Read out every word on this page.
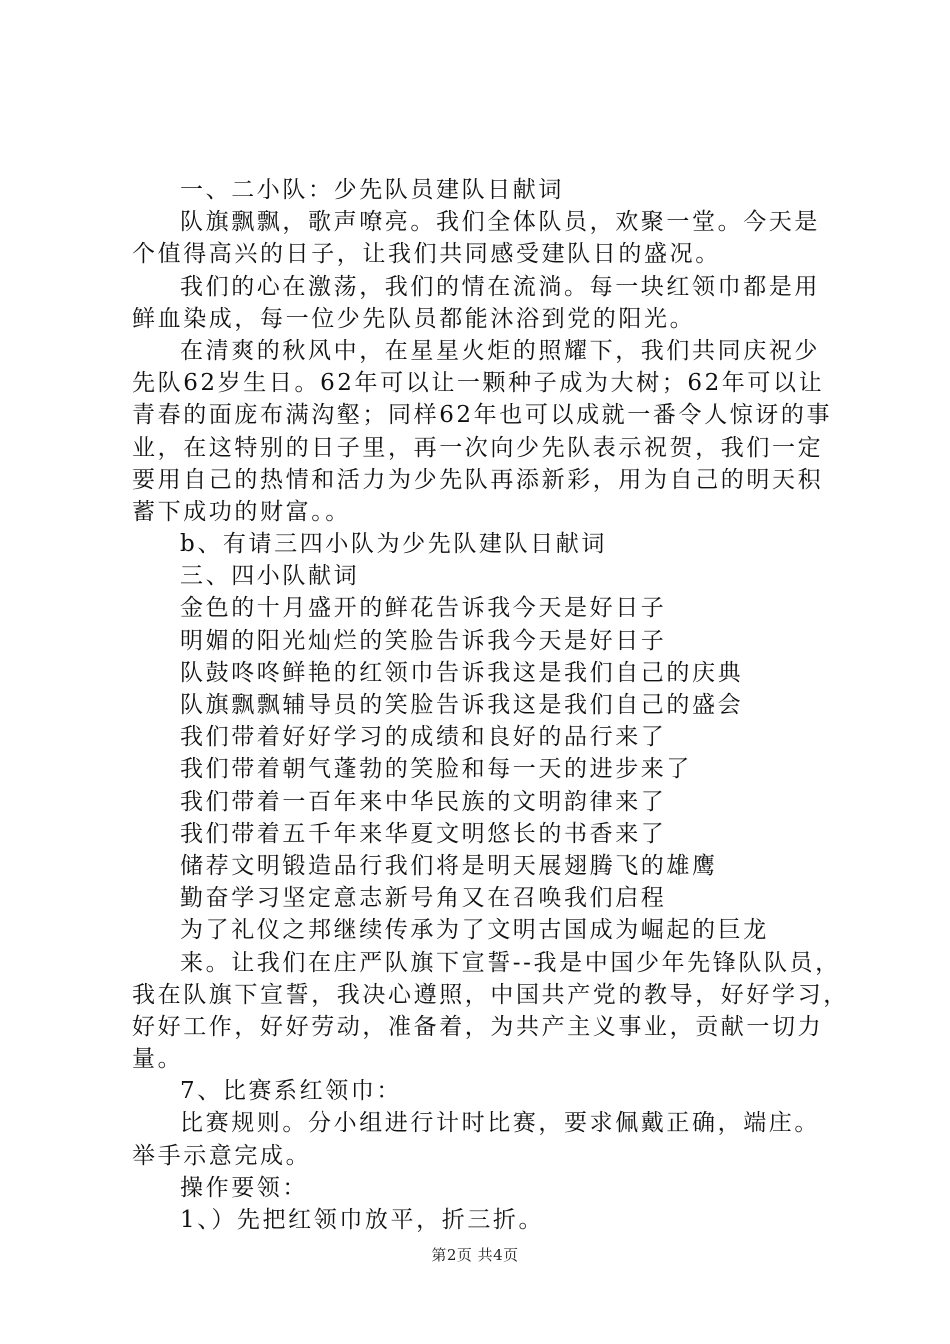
一、二小队：少先队员建队日献词

队旗飘飘，歌声嘹亮。我们全体队员，欢聚一堂。今天是

个值得高兴的日子，让我们共同感受建队日的盛况。

我们的心在激荡，我们的情在流淌。每一块红领巾都是用

鲜血染成，每一位少先队员都能沐浴到党的阳光。

在清爽的秋风中，在星星火炬的照耀下，我们共同庆祝少

先队62岁生日。62年可以让一颗种子成为大树；62年可以让

青春的面庞布满沟壑；同样62年也可以成就一番令人惊讶的事

业，在这特别的日子里，再一次向少先队表示祝贺，我们一定

要用自己的热情和活力为少先队再添新彩，用为自己的明天积

蓄下成功的财富。。

b、有请三四小队为少先队建队日献词

三、四小队献词

金色的十月盛开的鲜花告诉我今天是好日子

明媚的阳光灿烂的笑脸告诉我今天是好日子

队鼓咚咚鲜艳的红领巾告诉我这是我们自己的庆典

队旗飘飘辅导员的笑脸告诉我这是我们自己的盛会

我们带着好好学习的成绩和良好的品行来了

我们带着朝气蓬勃的笑脸和每一天的进步来了

我们带着一百年来中华民族的文明韵律来了

我们带着五千年来华夏文明悠长的书香来了

储荐文明锻造品行我们将是明天展翅腾飞的雄鹰

勤奋学习坚定意志新号角又在召唤我们启程

为了礼仪之邦继续传承为了文明古国成为崛起的巨龙

来。让我们在庄严队旗下宣誓--我是中国少年先锋队队员，

我在队旗下宣誓，我决心遵照，中国共产党的教导，好好学习，

好好工作，好好劳动，准备着，为共产主义事业，贡献一切力

量。

7、比赛系红领巾：

比赛规则。分小组进行计时比赛，要求佩戴正确，端庄。

举手示意完成。

操作要领：

1、）先把红领巾放平，折三折。

第2页 共4页
